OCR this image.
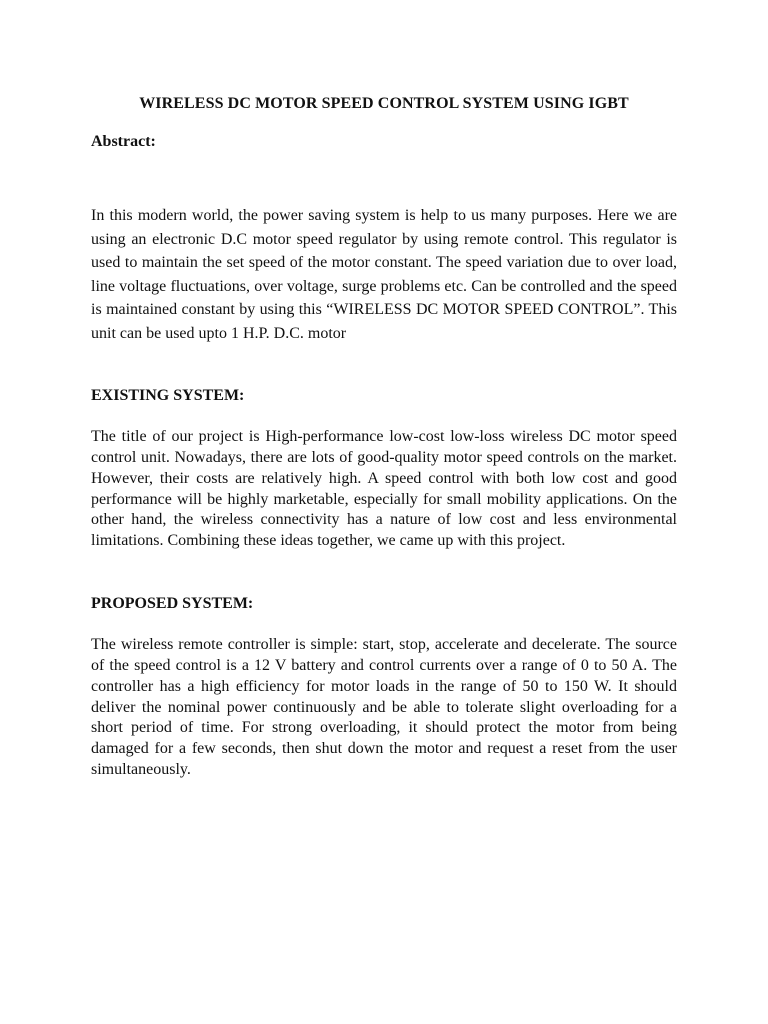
WIRELESS DC MOTOR SPEED CONTROL SYSTEM USING IGBT
Abstract:
In this modern world, the power saving system is help to us many purposes. Here we are using an electronic D.C motor speed regulator by using remote control. This regulator is used to maintain the set speed of the motor constant. The speed variation due to over load, line voltage fluctuations, over voltage, surge problems etc. Can be controlled and the speed is maintained constant by using this “WIRELESS DC MOTOR SPEED CONTROL”. This unit can be used upto 1 H.P. D.C. motor
EXISTING SYSTEM:
The title of our project is High-performance low-cost low-loss wireless DC motor speed control unit. Nowadays, there are lots of good-quality motor speed controls on the market. However, their costs are relatively high. A speed control with both low cost and good performance will be highly marketable, especially for small mobility applications. On the other hand, the wireless connectivity has a nature of low cost and less environmental limitations. Combining these ideas together, we came up with this project.
PROPOSED SYSTEM:
The wireless remote controller is simple: start, stop, accelerate and decelerate. The source of the speed control is a 12 V battery and control currents over a range of 0 to 50 A. The controller has a high efficiency for motor loads in the range of 50 to 150 W. It should deliver the nominal power continuously and be able to tolerate slight overloading for a short period of time. For strong overloading, it should protect the motor from being damaged for a few seconds, then shut down the motor and request a reset from the user simultaneously.
